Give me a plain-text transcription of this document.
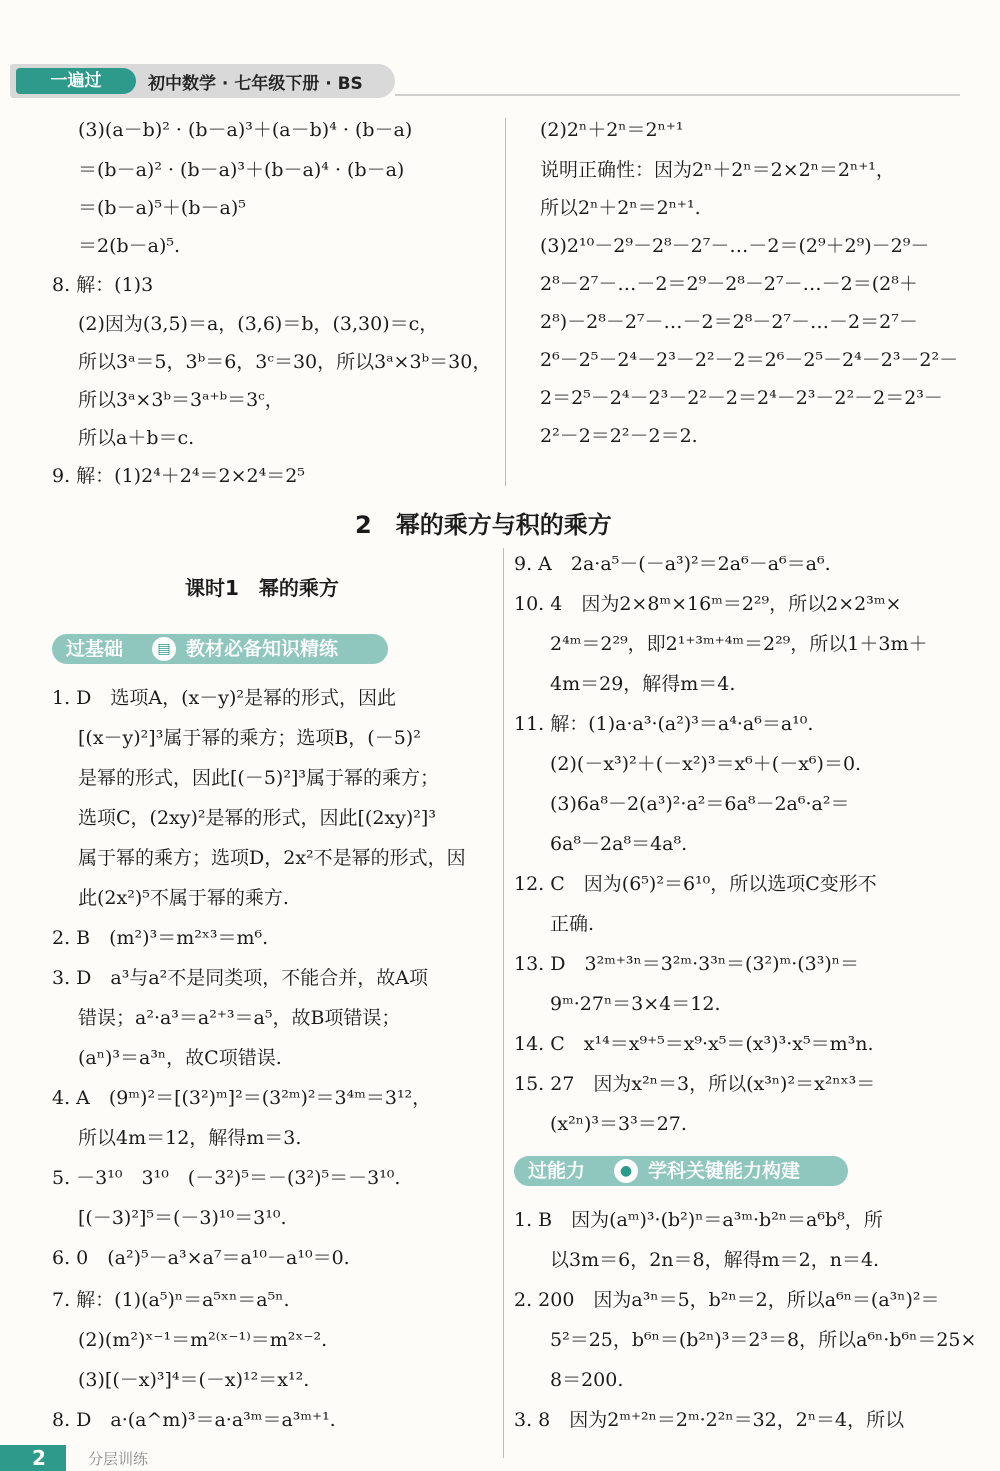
一遍过	初中数学 · 七年级下册 · BS
(3)(a－b)² · (b－a)³＋(a－b)⁴ · (b－a)
＝(b－a)² · (b－a)³＋(b－a)⁴ · (b－a)
＝(b－a)⁵＋(b－a)⁵
＝2(b－a)⁵.
8. 解：(1)3
(2)因为(3,5)＝a，(3,6)＝b，(3,30)＝c，
所以3ᵃ＝5，3ᵇ＝6，3ᶜ＝30，所以3ᵃ×3ᵇ＝30，
所以3ᵃ×3ᵇ＝3ᵃ⁺ᵇ＝3ᶜ，
所以a＋b＝c.
9. 解：(1)2⁴＋2⁴＝2×2⁴＝2⁵
(2)2ⁿ＋2ⁿ＝2ⁿ⁺¹
说明正确性：因为2ⁿ＋2ⁿ＝2×2ⁿ＝2ⁿ⁺¹，
所以2ⁿ＋2ⁿ＝2ⁿ⁺¹.
(3)2¹⁰－2⁹－2⁸－2⁷－…－2＝(2⁹＋2⁹)－2⁹－
2⁸－2⁷－…－2＝2⁹－2⁸－2⁷－…－2＝(2⁸＋
2⁸)－2⁸－2⁷－…－2＝2⁸－2⁷－…－2＝2⁷－
2⁶－2⁵－2⁴－2³－2²－2＝2⁶－2⁵－2⁴－2³－2²－
2＝2⁵－2⁴－2³－2²－2＝2⁴－2³－2²－2＝2³－
2²－2＝2²－2＝2.
2　幂的乘方与积的乘方
课时1　幂的乘方
过基础	▤ 教材必备知识精练
1. D　选项A，(x－y)²是幂的形式，因此
[(x－y)²]³属于幂的乘方；选项B，(－5)²
是幂的形式，因此[(－5)²]³属于幂的乘方；
选项C，(2xy)²是幂的形式，因此[(2xy)²]³
属于幂的乘方；选项D，2x²不是幂的形式，因
此(2x²)⁵不属于幂的乘方.
2. B　(m²)³＝m²ˣ³＝m⁶.
3. D　a³与a²不是同类项，不能合并，故A项
错误；a²·a³＝a²⁺³＝a⁵，故B项错误；
(aⁿ)³＝a³ⁿ，故C项错误.
4. A　(9ᵐ)²＝[(3²)ᵐ]²＝(3²ᵐ)²＝3⁴ᵐ＝3¹²，
所以4m＝12，解得m＝3.
5. －3¹⁰　3¹⁰　(－3²)⁵＝－(3²)⁵＝－3¹⁰.
[(－3)²]⁵＝(－3)¹⁰＝3¹⁰.
6. 0　(a²)⁵－a³×a⁷＝a¹⁰－a¹⁰＝0.
7. 解：(1)(a⁵)ⁿ＝a⁵ˣⁿ＝a⁵ⁿ.
(2)(m²)ˣ⁻¹＝m²⁽ˣ⁻¹⁾＝m²ˣ⁻².
(3)[(－x)³]⁴＝(－x)¹²＝x¹².
8. D　a·(a^m)³＝a·a³ᵐ＝a³ᵐ⁺¹.
9. A　2a·a⁵－(－a³)²＝2a⁶－a⁶＝a⁶.
10. 4　因为2×8ᵐ×16ᵐ＝2²⁹，所以2×2³ᵐ×
2⁴ᵐ＝2²⁹，即2¹⁺³ᵐ⁺⁴ᵐ＝2²⁹，所以1＋3m＋
4m＝29，解得m＝4.
11. 解：(1)a·a³·(a²)³＝a⁴·a⁶＝a¹⁰.
(2)(－x³)²＋(－x²)³＝x⁶＋(－x⁶)＝0.
(3)6a⁸－2(a³)²·a²＝6a⁸－2a⁶·a²＝
6a⁸－2a⁸＝4a⁸.
12. C　因为(6⁵)²＝6¹⁰，所以选项C变形不
正确.
13. D　3²ᵐ⁺³ⁿ＝3²ᵐ·3³ⁿ＝(3²)ᵐ·(3³)ⁿ＝
9ᵐ·27ⁿ＝3×4＝12.
14. C　x¹⁴＝x⁹⁺⁵＝x⁹·x⁵＝(x³)³·x⁵＝m³n.
15. 27　因为x²ⁿ＝3，所以(x³ⁿ)²＝x²ⁿˣ³＝
(x²ⁿ)³＝3³＝27.
过能力	● 学科关键能力构建
1. B　因为(aᵐ)³·(b²)ⁿ＝a³ᵐ·b²ⁿ＝a⁶b⁸，所
以3m＝6，2n＝8，解得m＝2，n＝4.
2. 200　因为a³ⁿ＝5，b²ⁿ＝2，所以a⁶ⁿ＝(a³ⁿ)²＝
5²＝25，b⁶ⁿ＝(b²ⁿ)³＝2³＝8，所以a⁶ⁿ·b⁶ⁿ＝25×
8＝200.
3. 8　因为2ᵐ⁺²ⁿ＝2ᵐ·2²ⁿ＝32，2ⁿ＝4，所以
2	分层训练
